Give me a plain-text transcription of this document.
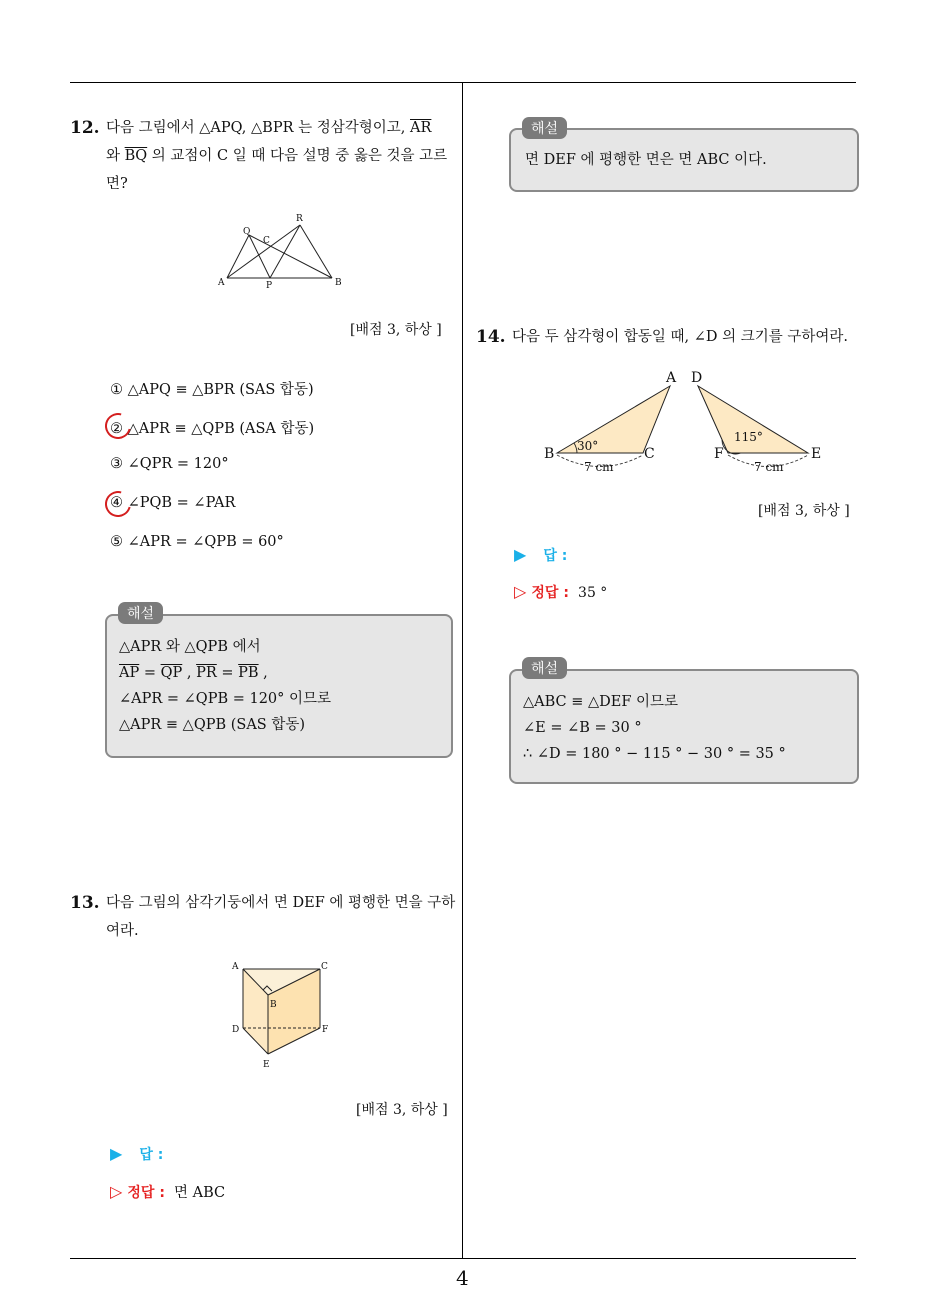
12. 다음 그림에서 △APQ, △BPR 는 정삼각형이고, $\overline{AR}$
와 $\overline{BQ}$ 의 교점이 C 일 때 다음 설명 중 옳은 것을 고르면?
A	P	B
Q
C
R
[배점 3, 하상 ]
① △APQ ≡ △BPR (SAS 합동)
② △APR ≡ △QPB (ASA 합동)
③ ∠QPR = 120°
④ ∠PQB = ∠PAR
⑤ ∠APR = ∠QPB = 60°
△APR 와 △QPB 에서
$\overline{AP} = \overline{QP}$ , $\overline{PR} = \overline{PB}$ ,
∠APR = ∠QPB = 120° 이므로
△APR ≡ △QPB (SAS 합동)
해설
13. 다음 그림의 삼각기둥에서 면 DEF 에 평행한 면을 구하여라.
A	C
B
D	F
E
[배점 3, 하상 ]
▶ 답 :
▷ 정답 : 면 ABC
면 DEF 에 평행한 면은 면 ABC 이다.
해설
14. 다음 두 삼각형이 합동일 때, ∠D 의 크기를 구하여라.
A D
B	C	F	E
30°
115°
7 cm	7 cm
[배점 3, 하상 ]
▶ 답 :
▷ 정답 : 35 °
△ABC ≡ △DEF 이므로
∠E = ∠B = 30 °
∴ ∠D = 180 ° − 115 ° − 30 ° = 35 °
해설
4
